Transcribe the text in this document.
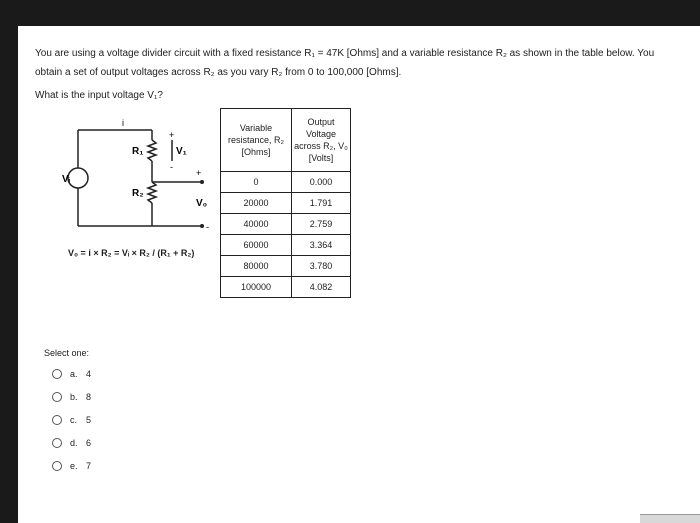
You are using a voltage divider circuit with a fixed resistance R₁ = 47K [Ohms] and a variable resistance R₂ as shown in the table below. You
obtain a set of output voltages across R₂ as you vary R₂ from 0 to 100,000 [Ohms].
What is the input voltage V₁?
i
R₁
R₂
Vᵢ
V₁
V₀
+
+
-
-
V₀ = i × R₂ = Vᵢ × R₂ / (R₁ + R₂)
Variable resistance, R₂ [Ohms]	Output Voltage across R₂, V₀ [Volts]
0	0.000
20000	1.791
40000	2.759
60000	3.364
80000	3.780
100000	4.082
Select one:
a. 4
b. 8
c. 5
d. 6
e. 7
